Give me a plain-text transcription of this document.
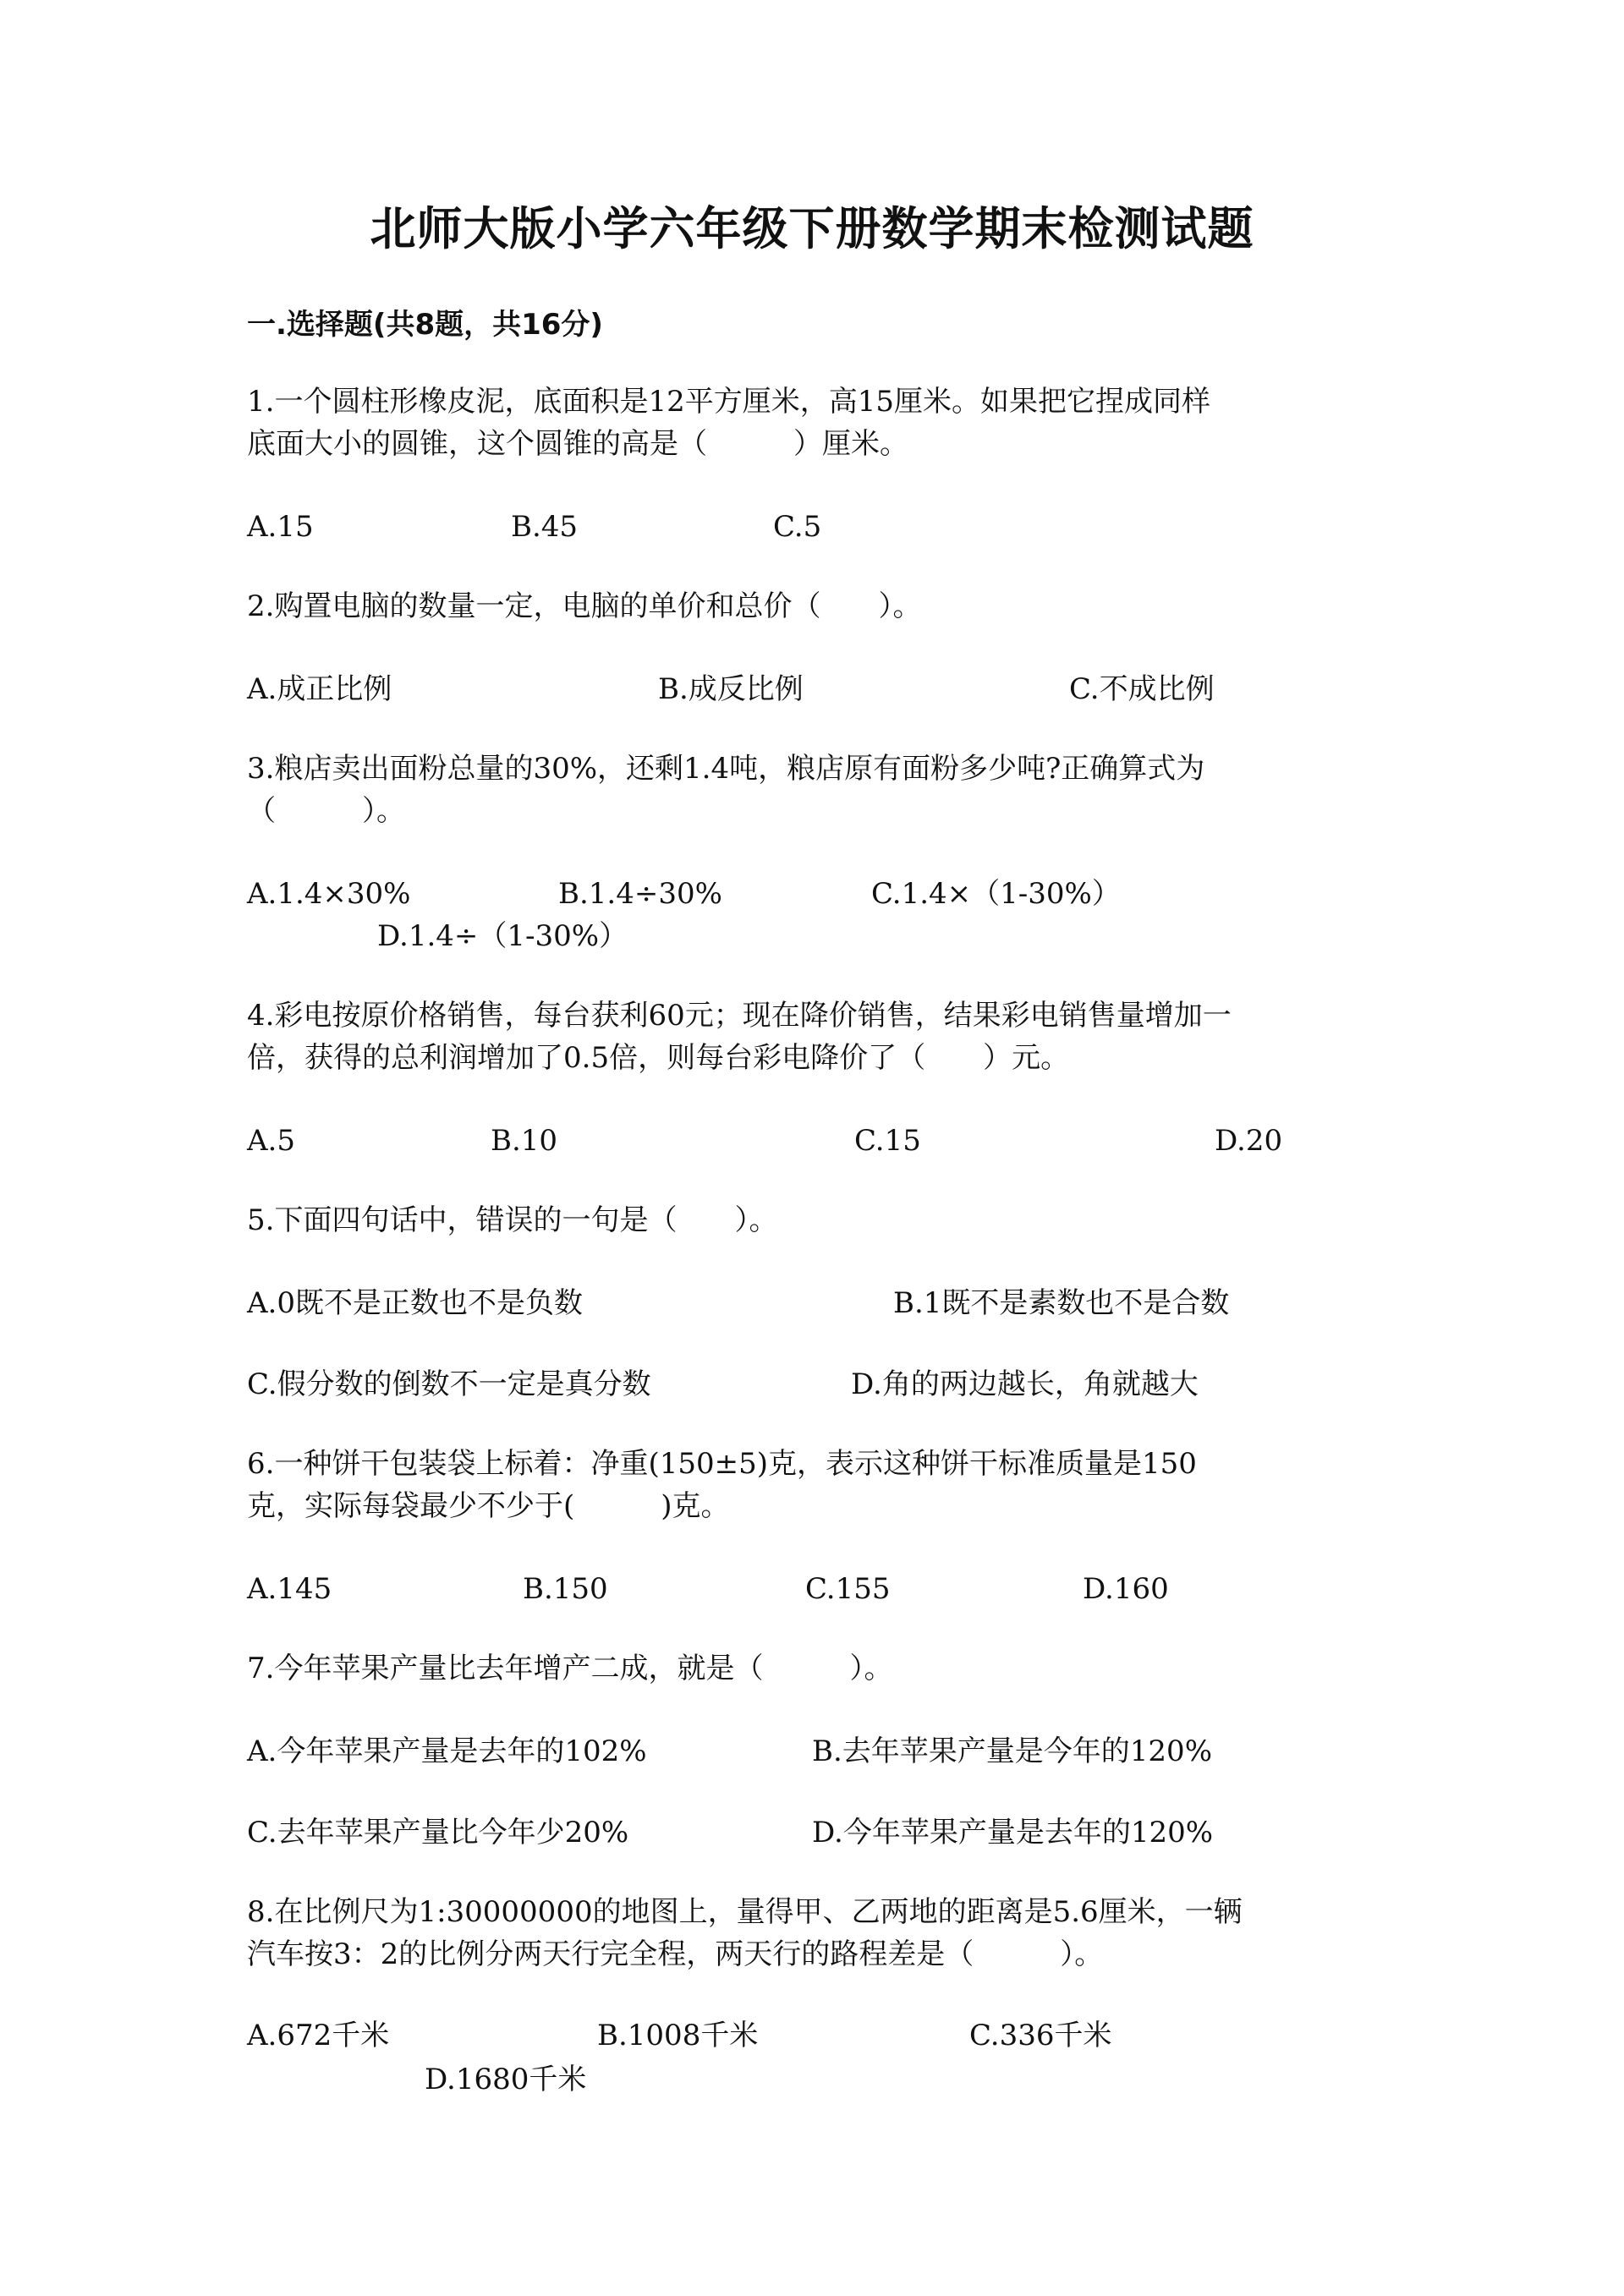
北师大版小学六年级下册数学期末检测试题
一.选择题(共8题，共16分)
1.一个圆柱形橡皮泥，底面积是12平方厘米，高15厘米。如果把它捏成同样
底面大小的圆锥，这个圆锥的高是（　　　）厘米。
A.15	B.45	C.5
2.购置电脑的数量一定，电脑的单价和总价（　　）。
A.成正比例	B.成反比例	C.不成比例
3.粮店卖出面粉总量的30%，还剩1.4吨，粮店原有面粉多少吨?正确算式为
（　　　）。
A.1.4×30%	B.1.4÷30%	C.1.4×（1-30%）
D.1.4÷（1-30%）
4.彩电按原价格销售，每台获利60元；现在降价销售，结果彩电销售量增加一
倍，获得的总利润增加了0.5倍，则每台彩电降价了（　　）元。
A.5	B.10	C.15	D.20
5.下面四句话中，错误的一句是（　　）。
A.0既不是正数也不是负数	B.1既不是素数也不是合数
C.假分数的倒数不一定是真分数	D.角的两边越长，角就越大
6.一种饼干包装袋上标着：净重(150±5)克，表示这种饼干标准质量是150
克，实际每袋最少不少于(　　　)克。
A.145	B.150	C.155	D.160
7.今年苹果产量比去年增产二成，就是（　　　）。
A.今年苹果产量是去年的102%	B.去年苹果产量是今年的120%
C.去年苹果产量比今年少20%	D.今年苹果产量是去年的120%
8.在比例尺为1:30000000的地图上，量得甲、乙两地的距离是5.6厘米，一辆
汽车按3：2的比例分两天行完全程，两天行的路程差是（　　　）。
A.672千米	B.1008千米	C.336千米
D.1680千米
